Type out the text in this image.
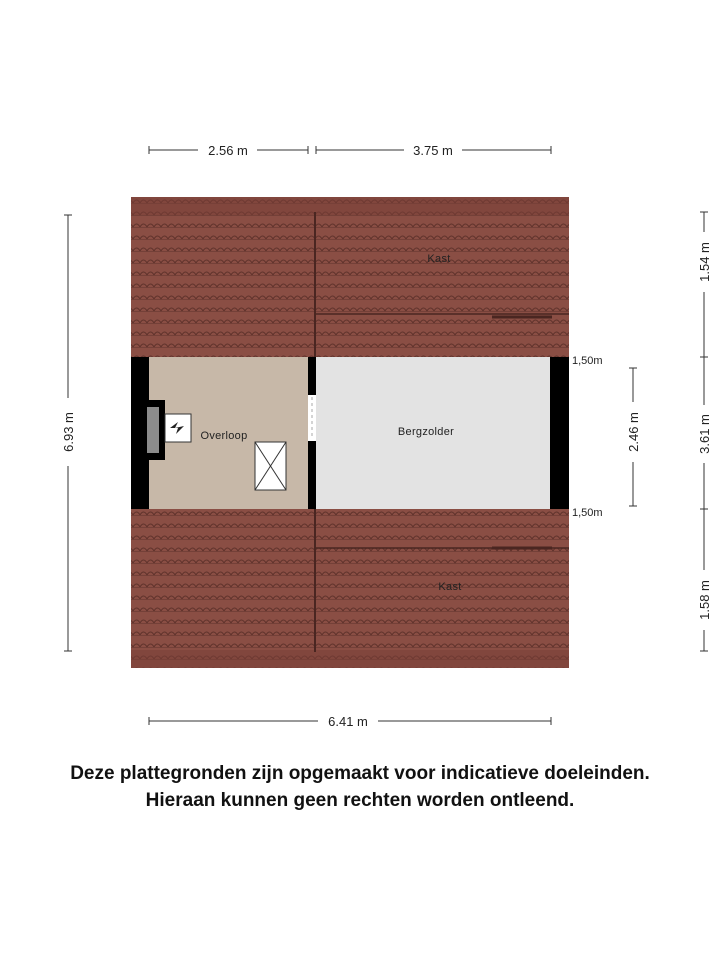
Kast
Overloop	Bergzolder
Kast
2.56 m	3.75 m
6.41 m
6.93 m
1.54 m
3.61 m
1.58 m
2.46 m
1,50m
1,50m
Deze plattegronden zijn opgemaakt voor indicatieve doeleinden.
Hieraan kunnen geen rechten worden ontleend.
